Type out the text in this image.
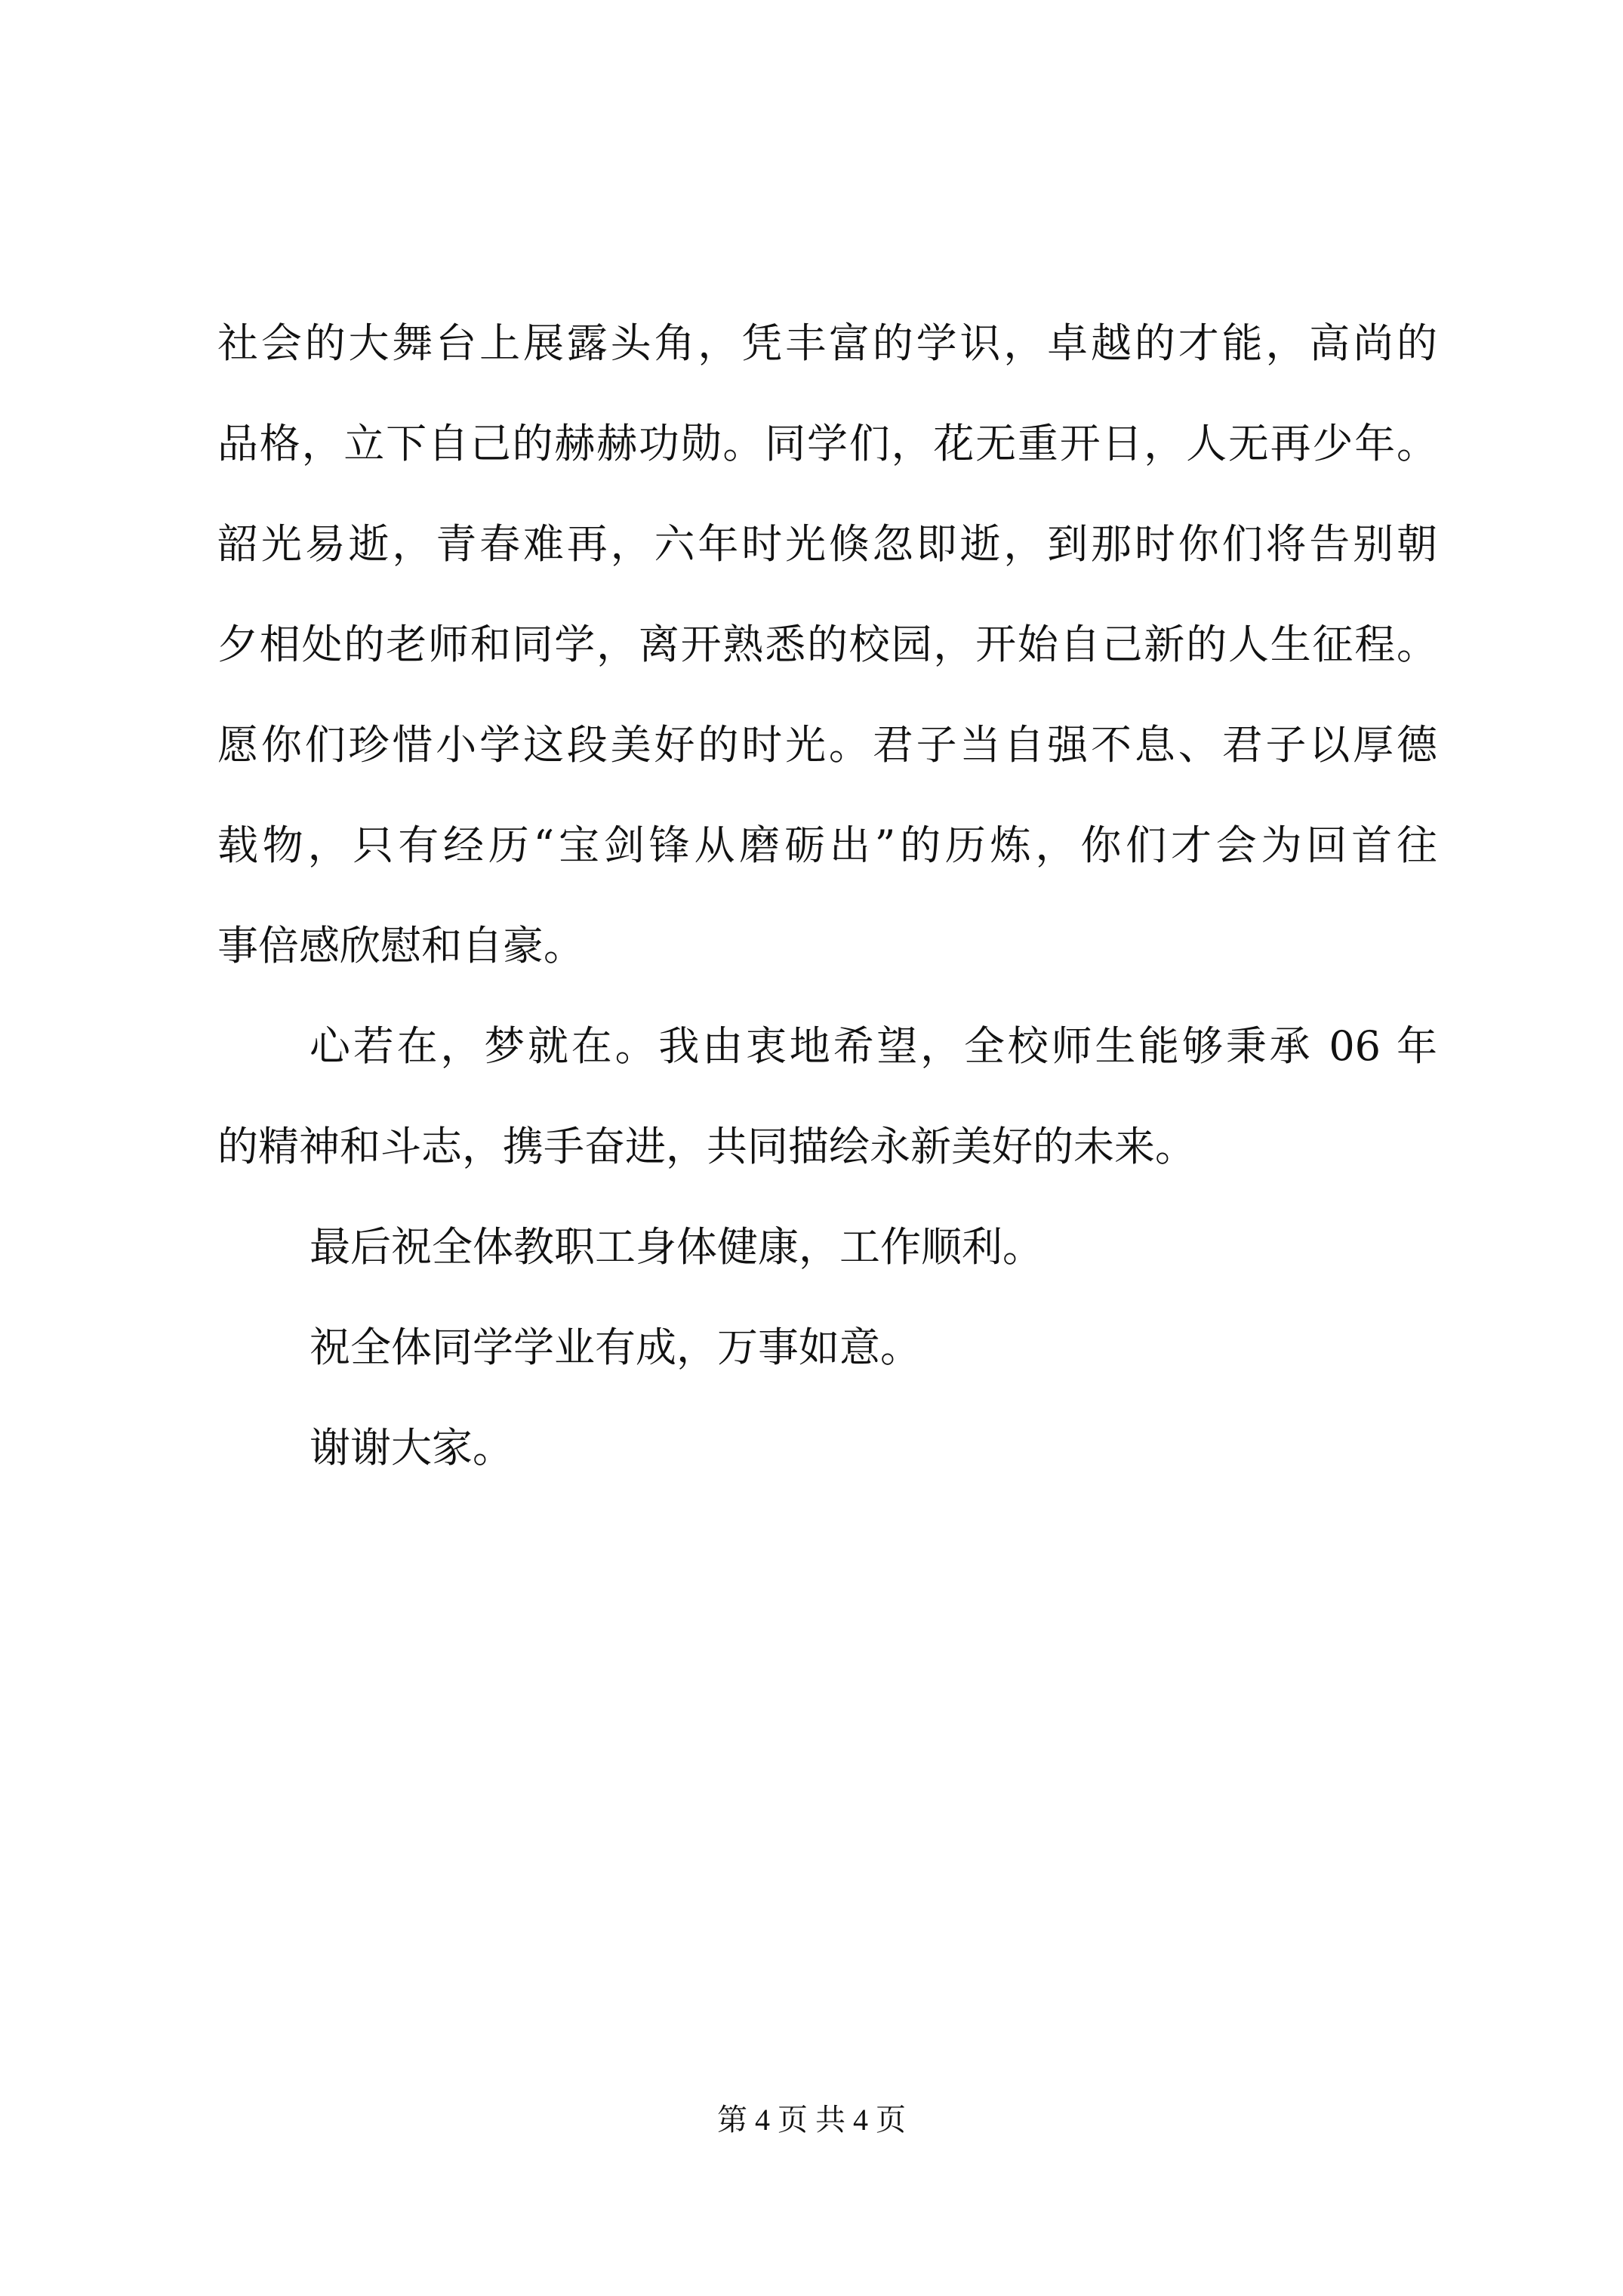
社会的大舞台上展露头角，凭丰富的学识，卓越的才能，高尚的
品格，立下自己的赫赫功勋。同学们，花无重开日，人无再少年。
韶光易逝，青春难再，六年时光倏忽即逝，到那时你们将告别朝
夕相处的老师和同学，离开熟悉的校园，开始自己新的人生征程。
愿你们珍惜小学这段美好的时光。君子当自强不息、君子以厚德
载物，只有经历“宝剑锋从磨砺出”的历炼，你们才会为回首往
事倍感欣慰和自豪。
心若在，梦就在。我由衷地希望，全校师生能够秉承 06 年
的精神和斗志，携手奋进，共同描绘永新美好的未来。
最后祝全体教职工身体健康，工作顺利。
祝全体同学学业有成，万事如意。
谢谢大家。
第 4 页 共 4 页
